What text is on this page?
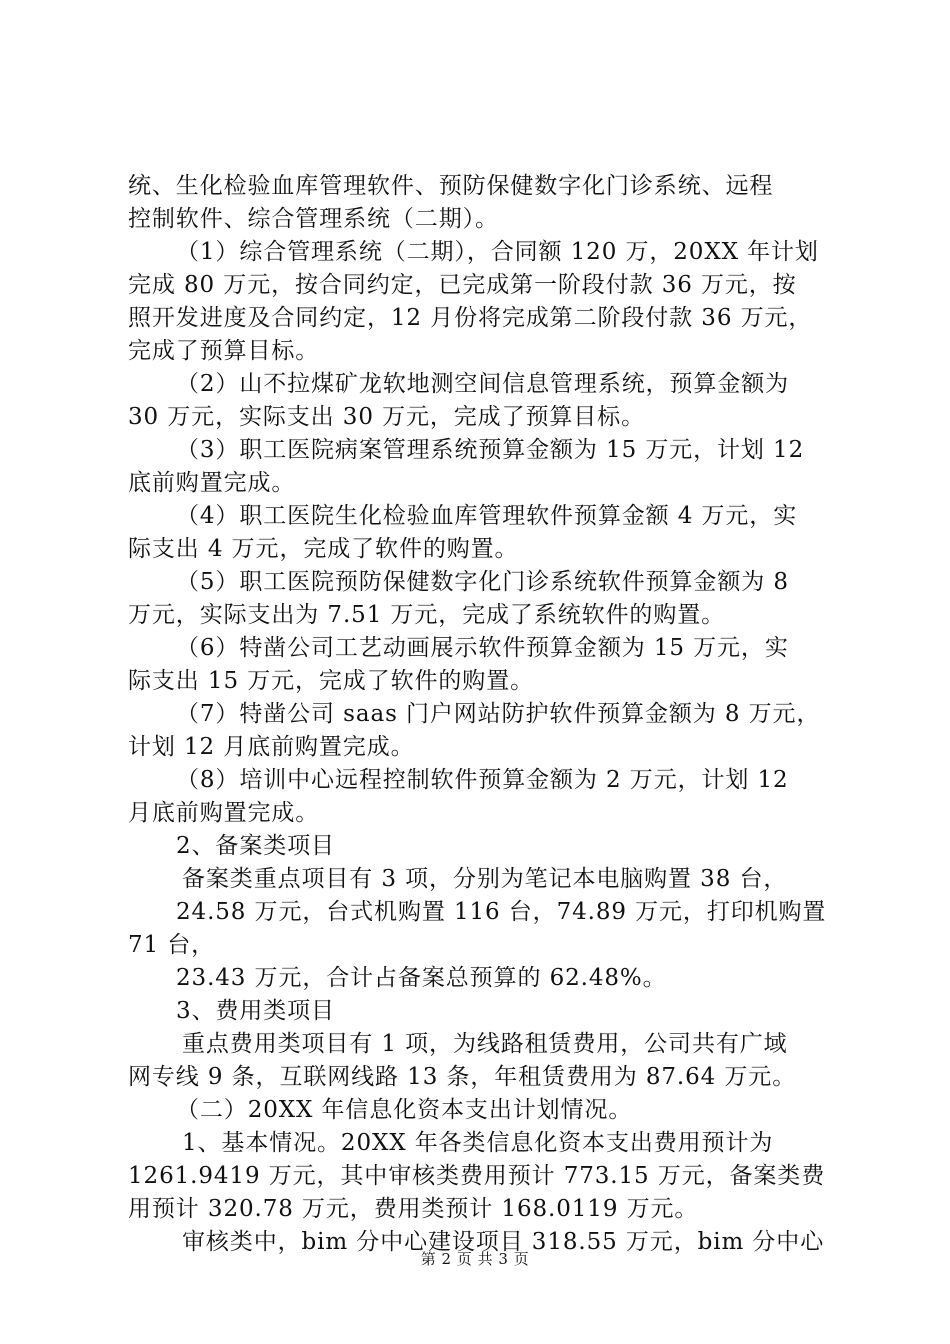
统、生化检验血库管理软件、预防保健数字化门诊系统、远程
控制软件、综合管理系统（二期）。
（1）综合管理系统（二期），合同额 120 万，20XX 年计划
完成 80 万元，按合同约定，已完成第一阶段付款 36 万元，按
照开发进度及合同约定，12 月份将完成第二阶段付款 36 万元，
完成了预算目标。
（2）山不拉煤矿龙软地测空间信息管理系统，预算金额为
30 万元，实际支出 30 万元，完成了预算目标。
（3）职工医院病案管理系统预算金额为 15 万元，计划 12
底前购置完成。
（4）职工医院生化检验血库管理软件预算金额 4 万元，实
际支出 4 万元，完成了软件的购置。
（5）职工医院预防保健数字化门诊系统软件预算金额为 8
万元，实际支出为 7.51 万元，完成了系统软件的购置。
（6）特凿公司工艺动画展示软件预算金额为 15 万元，实
际支出 15 万元，完成了软件的购置。
（7）特凿公司 saas 门户网站防护软件预算金额为 8 万元，
计划 12 月底前购置完成。
（8）培训中心远程控制软件预算金额为 2 万元，计划 12
月底前购置完成。
2、备案类项目
备案类重点项目有 3 项，分别为笔记本电脑购置 38 台，
24.58 万元，台式机购置 116 台，74.89 万元，打印机购置
71 台，
23.43 万元，合计占备案总预算的 62.48%。
3、费用类项目
重点费用类项目有 1 项，为线路租赁费用，公司共有广域
网专线 9 条，互联网线路 13 条，年租赁费用为 87.64 万元。
（二）20XX 年信息化资本支出计划情况。
1、基本情况。20XX 年各类信息化资本支出费用预计为
1261.9419 万元，其中审核类费用预计 773.15 万元，备案类费
用预计 320.78 万元，费用类预计 168.0119 万元。
审核类中，bim 分中心建设项目 318.55 万元，bim 分中心
第 2 页 共 3 页
